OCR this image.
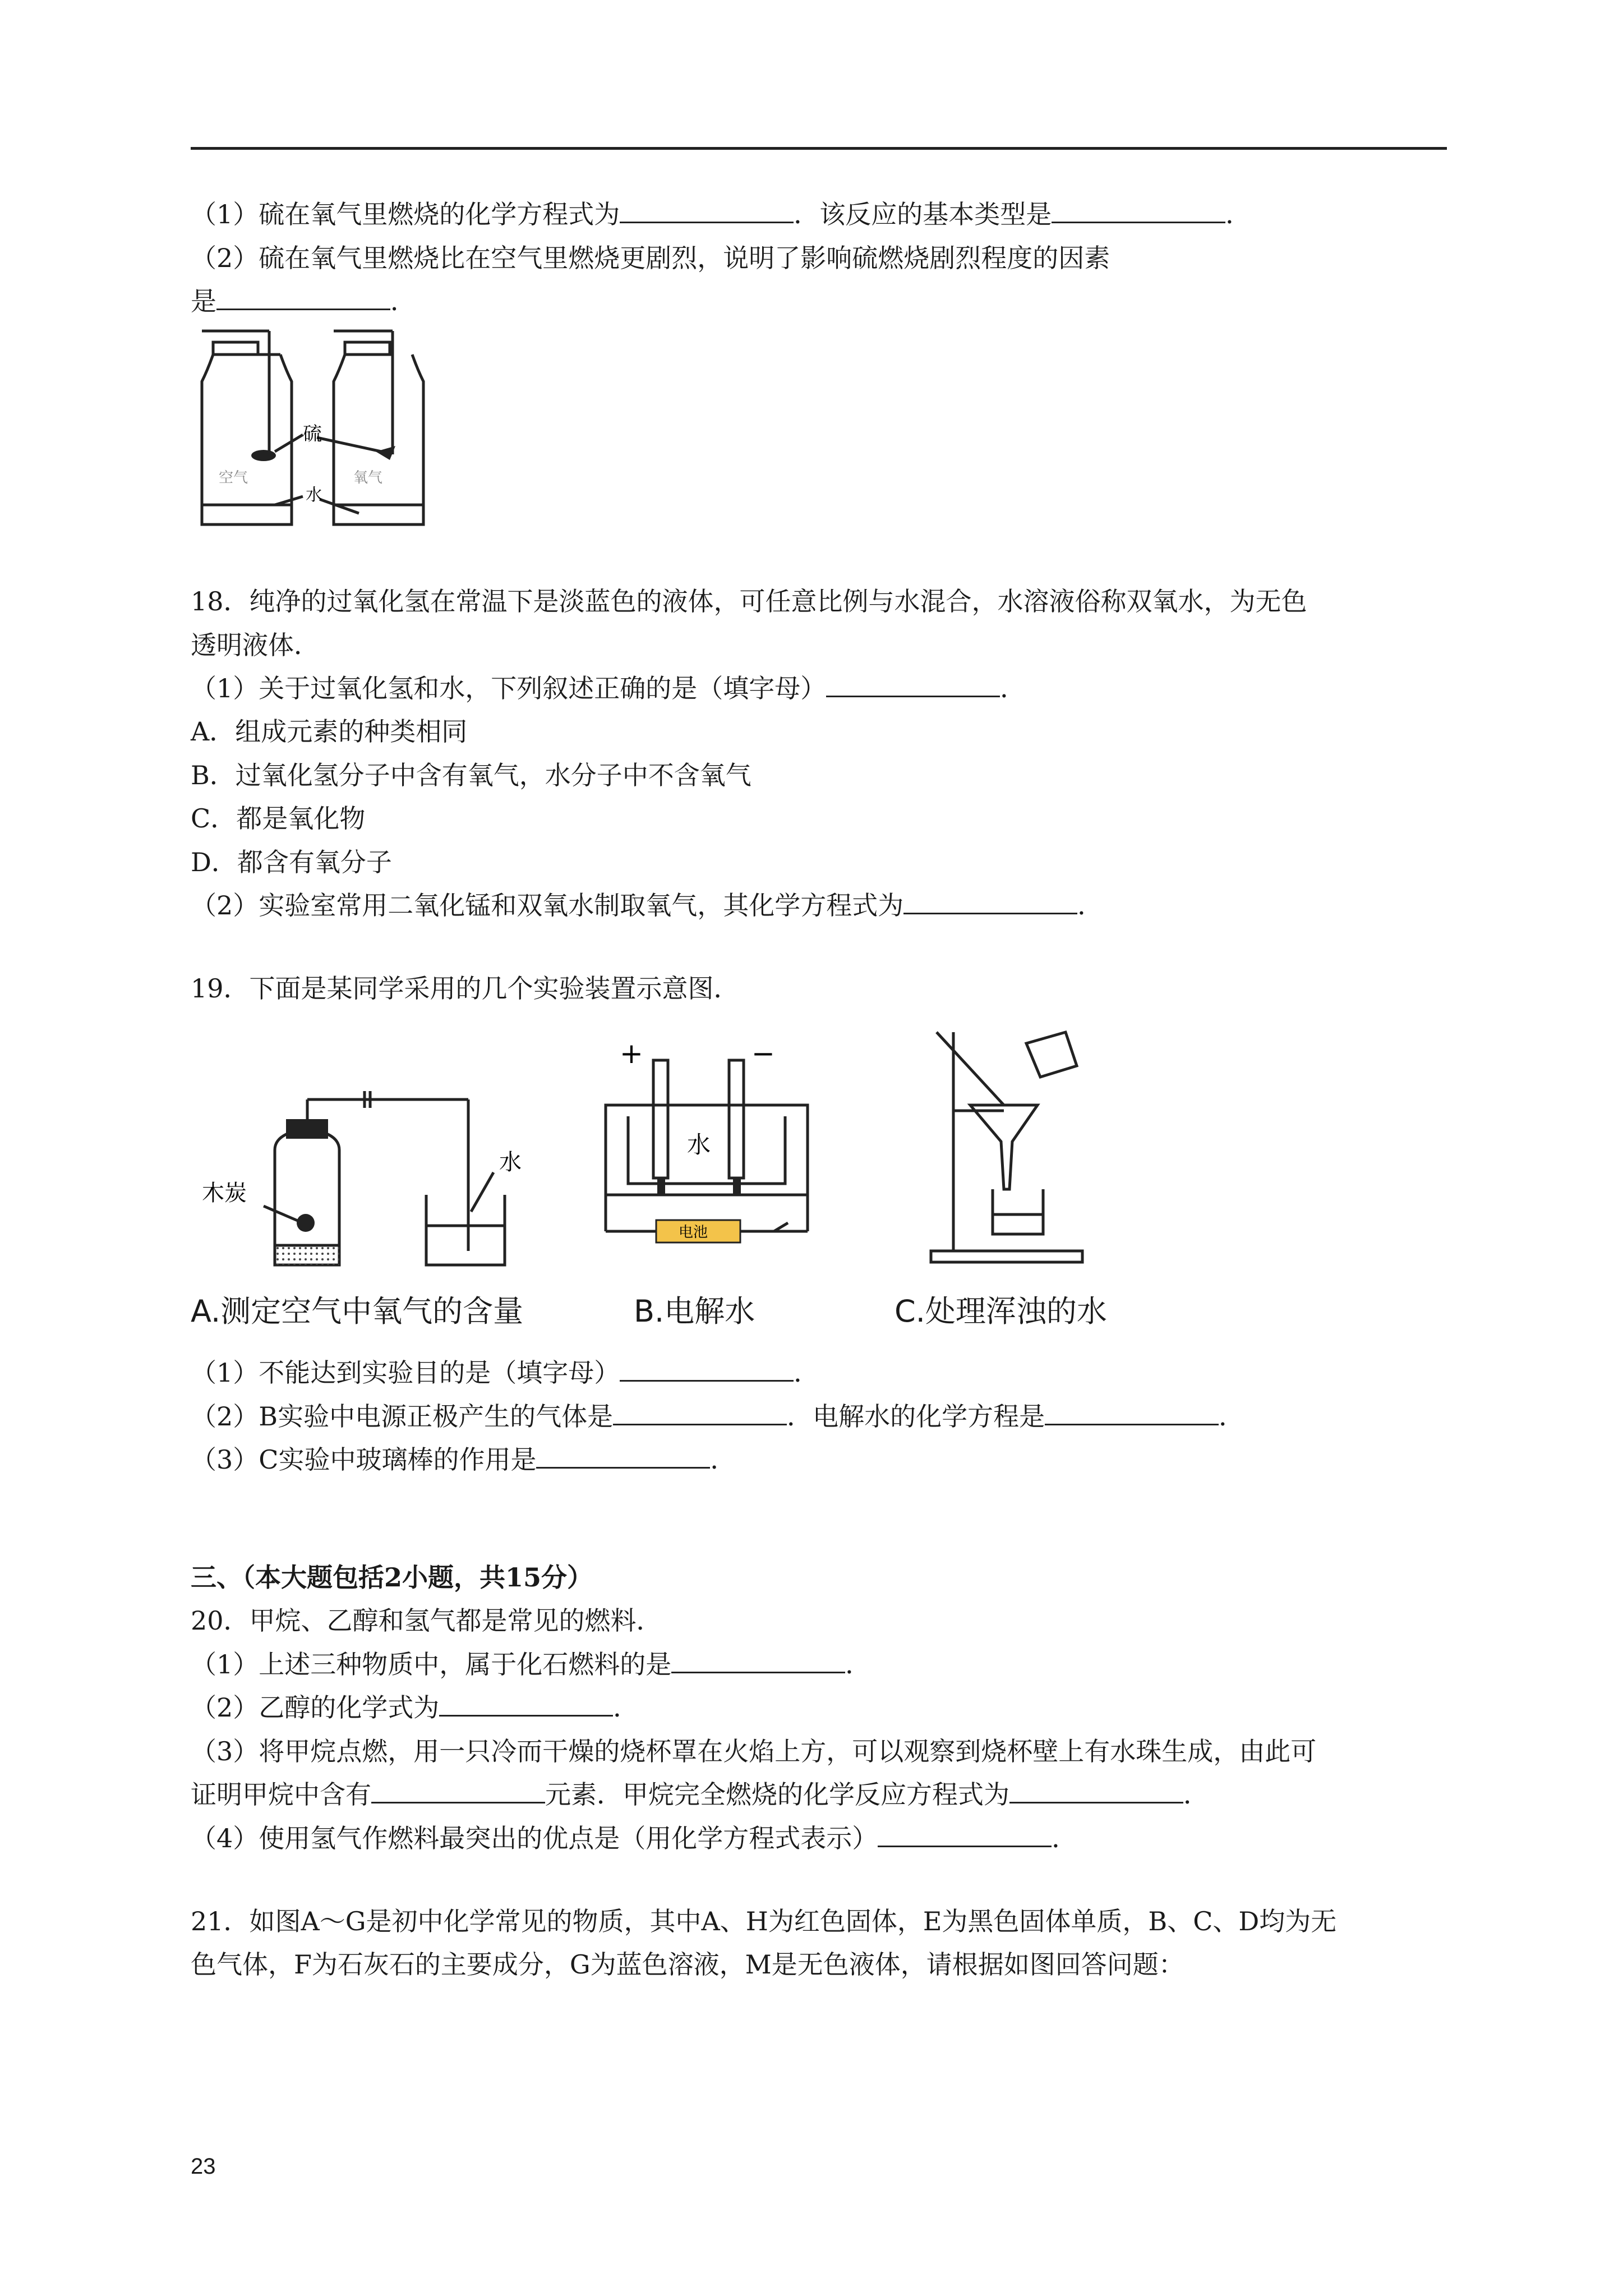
（1）硫在氧气里燃烧的化学方程式为	．该反应的基本类型是	．
（2）硫在氧气里燃烧比在空气里燃烧更剧烈，说明了影响硫燃烧剧烈程度的因素
是	．
硫
空气	氧气
水
18．纯净的过氧化氢在常温下是淡蓝色的液体，可任意比例与水混合，水溶液俗称双氧水，为无色
透明液体．
（1）关于过氧化氢和水，下列叙述正确的是（填字母）	．
A．组成元素的种类相同
B．过氧化氢分子中含有氧气，水分子中不含氧气
C．都是氧化物
D．都含有氧分子
（2）实验室常用二氧化锰和双氧水制取氧气，其化学方程式为	．
19．下面是某同学采用的几个实验装置示意图．
木炭
水
A.测定空气中氧气的含量
+	−
水
电池
B.电解水	C.处理浑浊的水
（1）不能达到实验目的是（填字母）	．
（2）B实验中电源正极产生的气体是	．电解水的化学方程是	．
（3）C实验中玻璃棒的作用是	．
三、（本大题包括2小题，共15分）
20．甲烷、乙醇和氢气都是常见的燃料．
（1）上述三种物质中，属于化石燃料的是	．
（2）乙醇的化学式为	．
（3）将甲烷点燃，用一只冷而干燥的烧杯罩在火焰上方，可以观察到烧杯壁上有水珠生成，由此可
证明甲烷中含有	元素．甲烷完全燃烧的化学反应方程式为	．
（4）使用氢气作燃料最突出的优点是（用化学方程式表示）	．
21．如图A～G是初中化学常见的物质，其中A、H为红色固体，E为黑色固体单质，B、C、D均为无
色气体，F为石灰石的主要成分，G为蓝色溶液，M是无色液体，请根据如图回答问题：
23
